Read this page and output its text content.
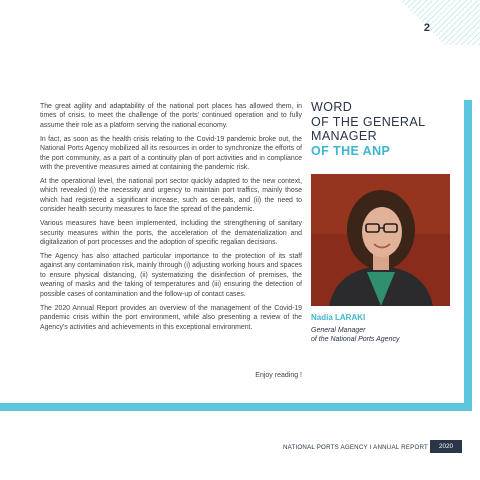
2

The great agility and adaptability of the national port places has allowed them, in times of crisis, to meet the challenge of the ports’ continued operation and to fully assume their role as a platform serving the national economy.

In fact, as soon as the health crisis relating to the Covid-19 pandemic broke out, the National Ports Agency mobilized all its resources in order to synchronize the efforts of the port community, as a part of a continuity plan of port activities and in compliance with the preventive measures aimed at containing the pandemic risk.

At the operational level, the national port sector quickly adapted to the new context, which revealed (i) the necessity and urgency to maintain port traffics, mainly those which had registered a significant increase, such as cereals, and (ii) the need to consider health security measures to face the spread of the pandemic.

Various measures have been implemented, including the strengthening of sanitary security measures within the ports, the acceleration of the dematerialization and digitalization of port processes and the adoption of specific regalian decisions.

The Agency has also attached particular importance to the protection of its staff against any contamination risk, mainly through (i) adjusting working hours and spaces to ensure physical distancing, (ii) systematizing the disinfection of premises, the wearing of masks and the taking of temperatures and (iii) ensuring the detection of possible cases of contamination and the follow-up of contact cases.

The 2020 Annual Report provides an overview of the management of the Covid-19 pandemic crisis within the port environment, while also presenting a review of the Agency's activities and achievements in this exceptional environment.

Enjoy reading !
WORD
OF THE GENERAL
MANAGER
OF THE ANP
Nadia LARAKI
General Manager
of the National Ports Agency
NATIONAL PORTS AGENCY I ANNUAL REPORT	2020
